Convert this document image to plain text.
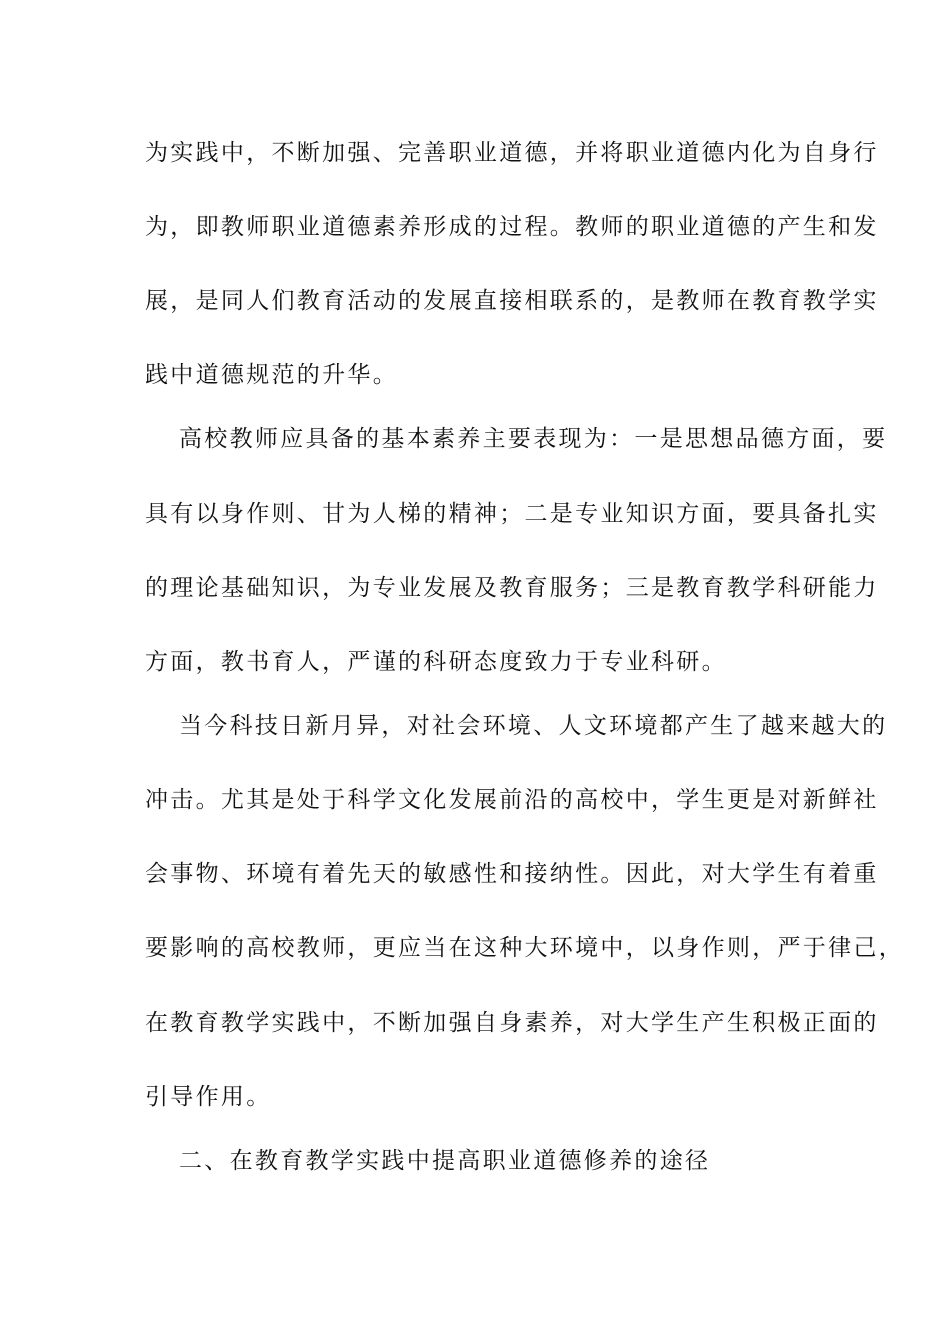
为实践中，不断加强、完善职业道德，并将职业道德内化为自身行
为，即教师职业道德素养形成的过程。教师的职业道德的产生和发
展，是同人们教育活动的发展直接相联系的，是教师在教育教学实
践中道德规范的升华。
高校教师应具备的基本素养主要表现为：一是思想品德方面，要
具有以身作则、甘为人梯的精神；二是专业知识方面，要具备扎实
的理论基础知识，为专业发展及教育服务；三是教育教学科研能力
方面，教书育人，严谨的科研态度致力于专业科研。
当今科技日新月异，对社会环境、人文环境都产生了越来越大的
冲击。尤其是处于科学文化发展前沿的高校中，学生更是对新鲜社
会事物、环境有着先天的敏感性和接纳性。因此，对大学生有着重
要影响的高校教师，更应当在这种大环境中，以身作则，严于律己，
在教育教学实践中，不断加强自身素养，对大学生产生积极正面的
引导作用。
二、在教育教学实践中提高职业道德修养的途径
